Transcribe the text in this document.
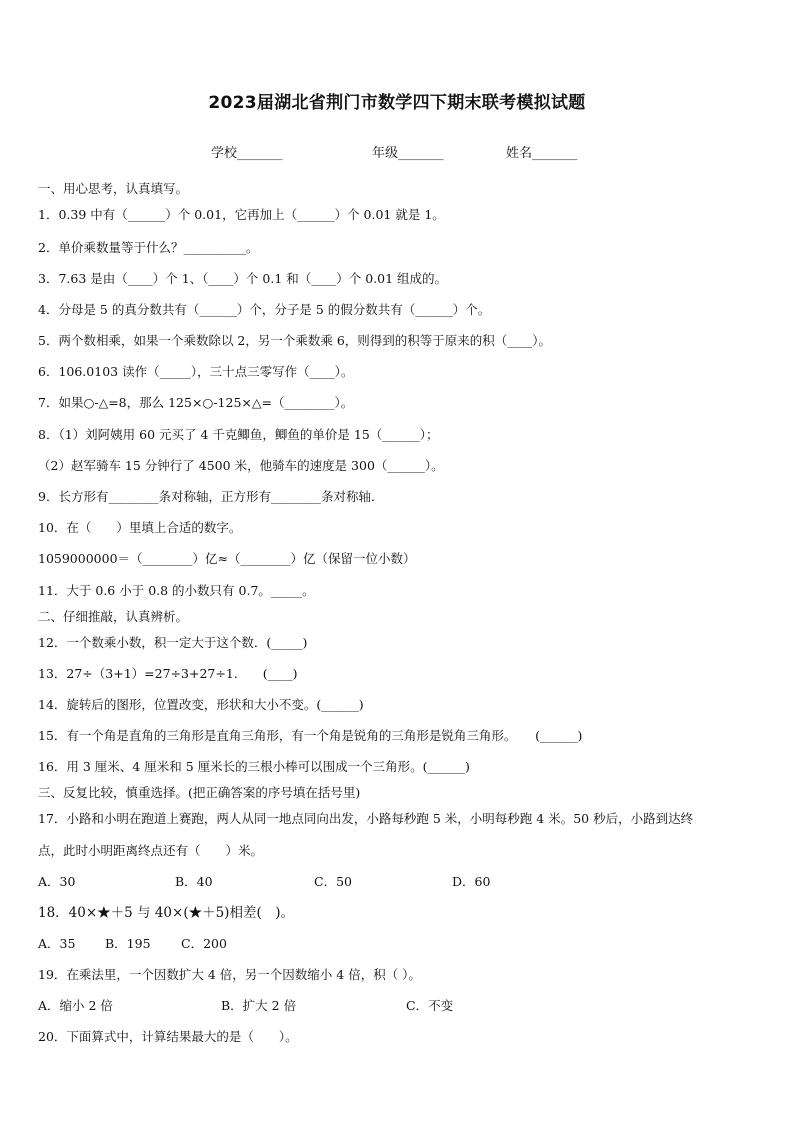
2023届湖北省荆门市数学四下期末联考模拟试题
学校_______	年级_______	姓名_______
一、用心思考，认真填写。
1．0.39 中有（______）个 0.01，它再加上（______）个 0.01 就是 1。
2．单价乘数量等于什么？__________。
3．7.63 是由（____）个 1、（____）个 0.1 和（____）个 0.01 组成的。
4．分母是 5 的真分数共有（______）个，分子是 5 的假分数共有（______）个。
5．两个数相乘，如果一个乘数除以 2，另一个乘数乘 6，则得到的积等于原来的积（____）。
6．106.0103 读作（_____），三十点三零写作（____）。
7．如果○-△=8，那么 125×○-125×△=（________）。
8．（1）刘阿姨用 60 元买了 4 千克鲫鱼，鲫鱼的单价是 15（______）；
（2）赵军骑车 15 分钟行了 4500 米，他骑车的速度是 300（______）。
9．长方形有________条对称轴，正方形有________条对称轴．
10．在（　　）里填上合适的数字。
1059000000＝（________）亿≈（________）亿（保留一位小数）
11．大于 0.6 小于 0.8 的小数只有 0.7。_____。
二、仔细推敲，认真辨析。
12．一个数乘小数，积一定大于这个数．(_____)
13．27÷（3+1）=27÷3+27÷1.　　(____)
14．旋转后的图形，位置改变，形状和大小不变。(______)
15．有一个角是直角的三角形是直角三角形，有一个角是锐角的三角形是锐角三角形。　　(______)
16．用 3 厘米、4 厘米和 5 厘米长的三根小棒可以围成一个三角形。(______)
三、反复比较，慎重选择。(把正确答案的序号填在括号里)
17．小路和小明在跑道上赛跑，两人从同一地点同向出发，小路每秒跑 5 米，小明每秒跑 4 米。50 秒后，小路到达终
点，此时小明距离终点还有（　　）米。
A．30	B．40	C．50	D．60
18．40×★＋5 与 40×(★＋5)相差(　)。
A．35 B．195 C．200
19．在乘法里，一个因数扩大 4 倍，另一个因数缩小 4 倍，积（ ）。
A．缩小 2 倍	B．扩大 2 倍	C．不变
20．下面算式中，计算结果最大的是（　　）。
